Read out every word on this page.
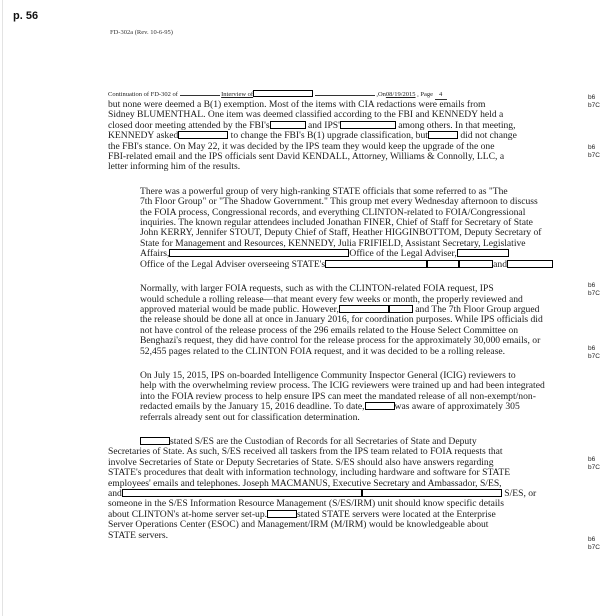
p. 56
FD-302a (Rev. 10-6-95)
b6
b7C
b6
b7C
b6
b7C
b6
b7C
b6
b7C
b6
b7C
Continuation of FD-302 of	Interview of	,On08/19/2015 , Page 4
but none were deemed a B(1) exemption. Most of the items with CIA redactions were emails from
Sidney BLUMENTHAL. One item was deemed classified according to the FBI and KENNEDY held a
closed door meeting attended by the FBI's	and IPS'	among others. In that meeting,
KENNEDY asked	to change the FBI's B(1) upgrade classification, but	did not change
the FBI's stance. On May 22, it was decided by the IPS team they would keep the upgrade of the one
FBI-related email and the IPS officials sent David KENDALL, Attorney, Williams & Connolly, LLC, a
letter informing him of the results.
There was a powerful group of very high-ranking STATE officials that some referred to as "The
7th Floor Group" or "The Shadow Government." This group met every Wednesday afternoon to discuss
the FOIA process, Congressional records, and everything CLINTON-related to FOIA/Congressional
inquiries. The known regular attendees included Jonathan FINER, Chief of Staff for Secretary of State
John KERRY, Jennifer STOUT, Deputy Chief of Staff, Heather HIGGINBOTTOM, Deputy Secretary of
State for Management and Resources, KENNEDY, Julia FRIFIELD, Assistant Secretary, Legislative
Affairs,	Office of the Legal Adviser,
Office of the Legal Adviser overseeing STATE's	and
Normally, with larger FOIA requests, such as with the CLINTON-related FOIA request, IPS
would schedule a rolling release—that meant every few weeks or month, the properly reviewed and
approved material would be made public. However,	and The 7th Floor Group argued
the release should be done all at once in January 2016, for coordination purposes. While IPS officials did
not have control of the release process of the 296 emails related to the House Select Committee on
Benghazi's request, they did have control for the release process for the approximately 30,000 emails, or
52,455 pages related to the CLINTON FOIA request, and it was decided to be a rolling release.
On July 15, 2015, IPS on-boarded Intelligence Community Inspector General (ICIG) reviewers to
help with the overwhelming review process. The ICIG reviewers were trained up and had been integrated
into the FOIA review process to help ensure IPS can meet the mandated release of all non-exempt/non-
redacted emails by the January 15, 2016 deadline. To date,	was aware of approximately 305
referrals already sent out for classification determination.
stated S/ES are the Custodian of Records for all Secretaries of State and Deputy
Secretaries of State. As such, S/ES received all taskers from the IPS team related to FOIA requests that
involve Secretaries of State or Deputy Secretaries of State. S/ES should also have answers regarding
STATE's procedures that dealt with information technology, including hardware and software for STATE
employees' emails and telephones. Joseph MACMANUS, Executive Secretary and Ambassador, S/ES,
and	S/ES, or
someone in the S/ES Information Resource Management (S/ES/IRM) unit should know specific details
about CLINTON's at-home server set-up.	stated STATE servers were located at the Enterprise
Server Operations Center (ESOC) and Management/IRM (M/IRM) would be knowledgeable about
STATE servers.
